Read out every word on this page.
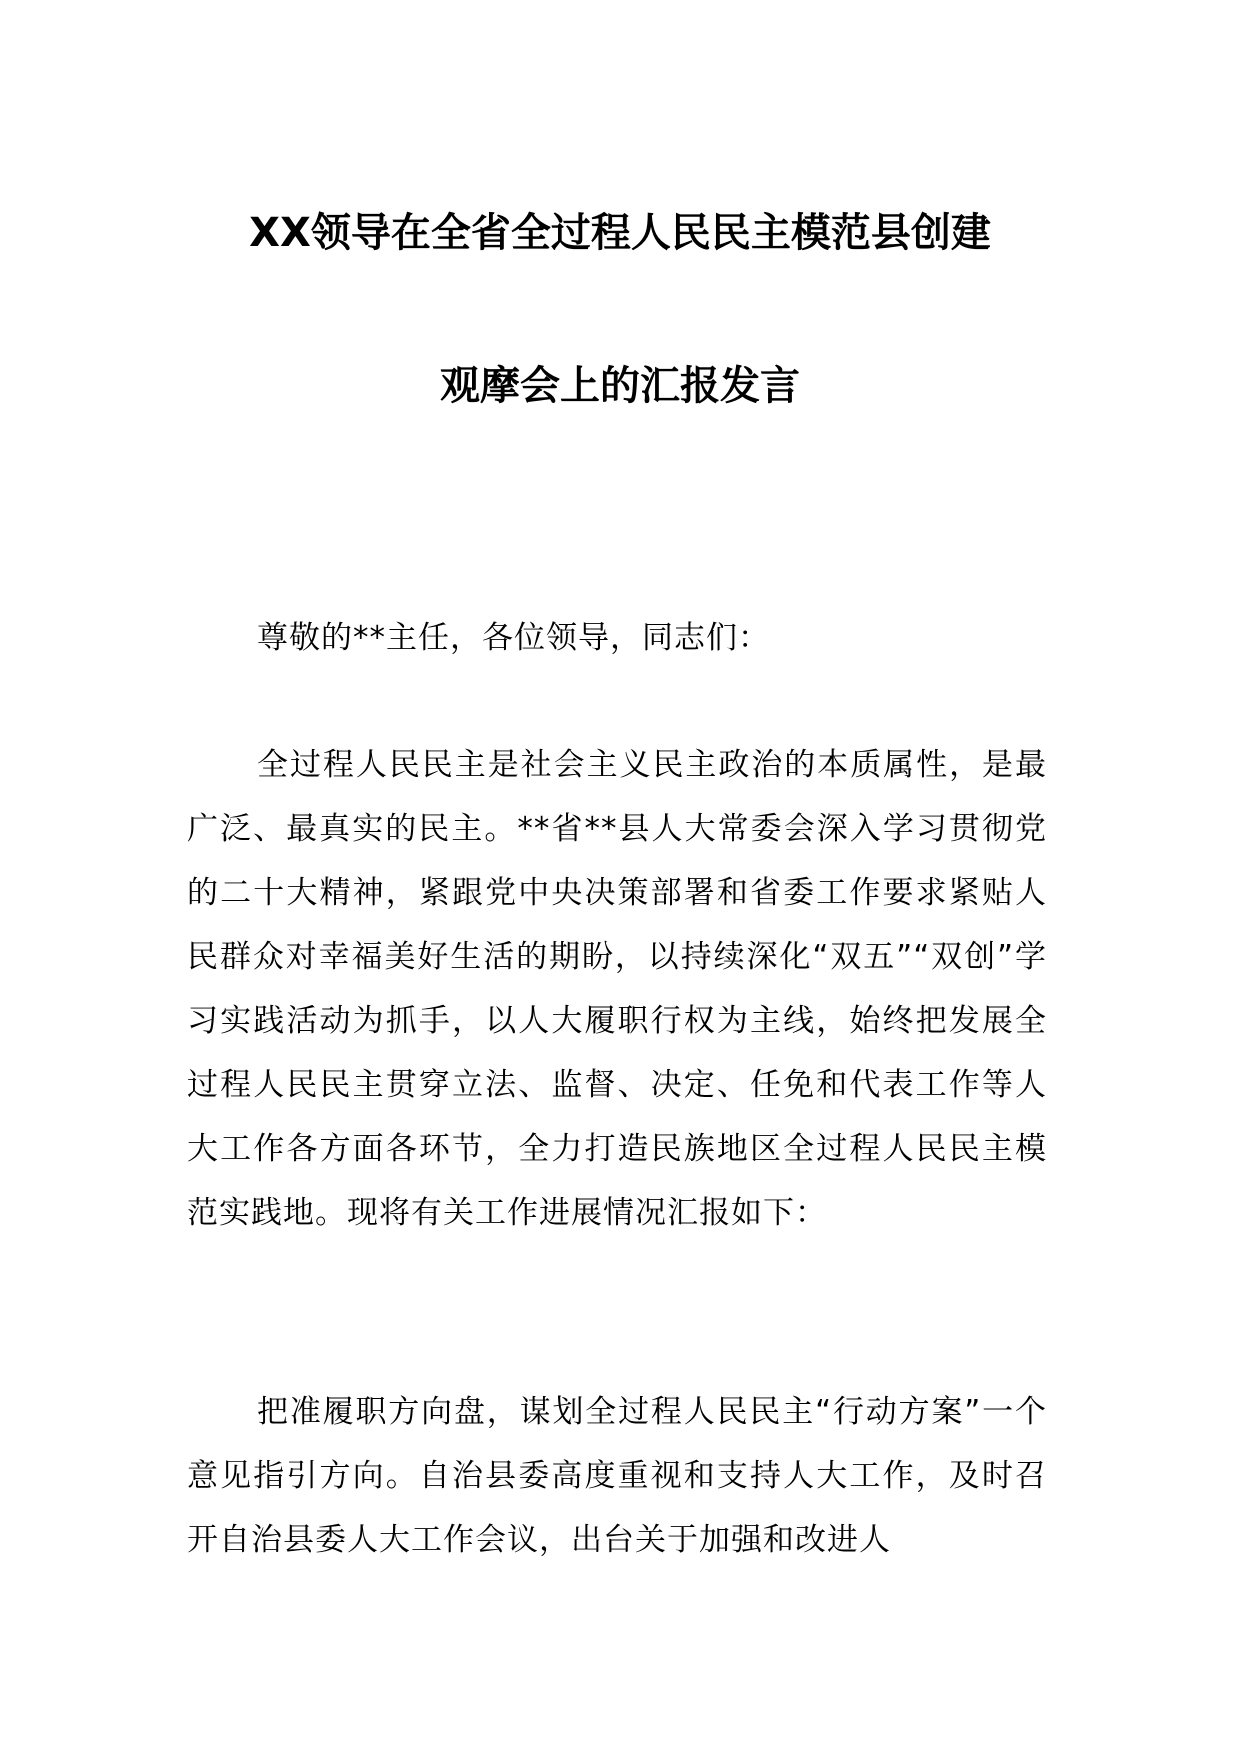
XX领导在全省全过程人民民主模范县创建
观摩会上的汇报发言
尊敬的**主任，各位领导，同志们：
全过程人民民主是社会主义民主政治的本质属性，是最广泛、最真实的民主。**省**县人大常委会深入学习贯彻党的二十大精神，紧跟党中央决策部署和省委工作要求紧贴人民群众对幸福美好生活的期盼，以持续深化“双五”“双创”学习实践活动为抓手，以人大履职行权为主线，始终把发展全过程人民民主贯穿立法、监督、决定、任免和代表工作等人大工作各方面各环节，全力打造民族地区全过程人民民主模范实践地。现将有关工作进展情况汇报如下：
把准履职方向盘，谋划全过程人民民主“行动方案”一个意见指引方向。自治县委高度重视和支持人大工作，及时召开自治县委人大工作会议，出台关于加强和改进人
